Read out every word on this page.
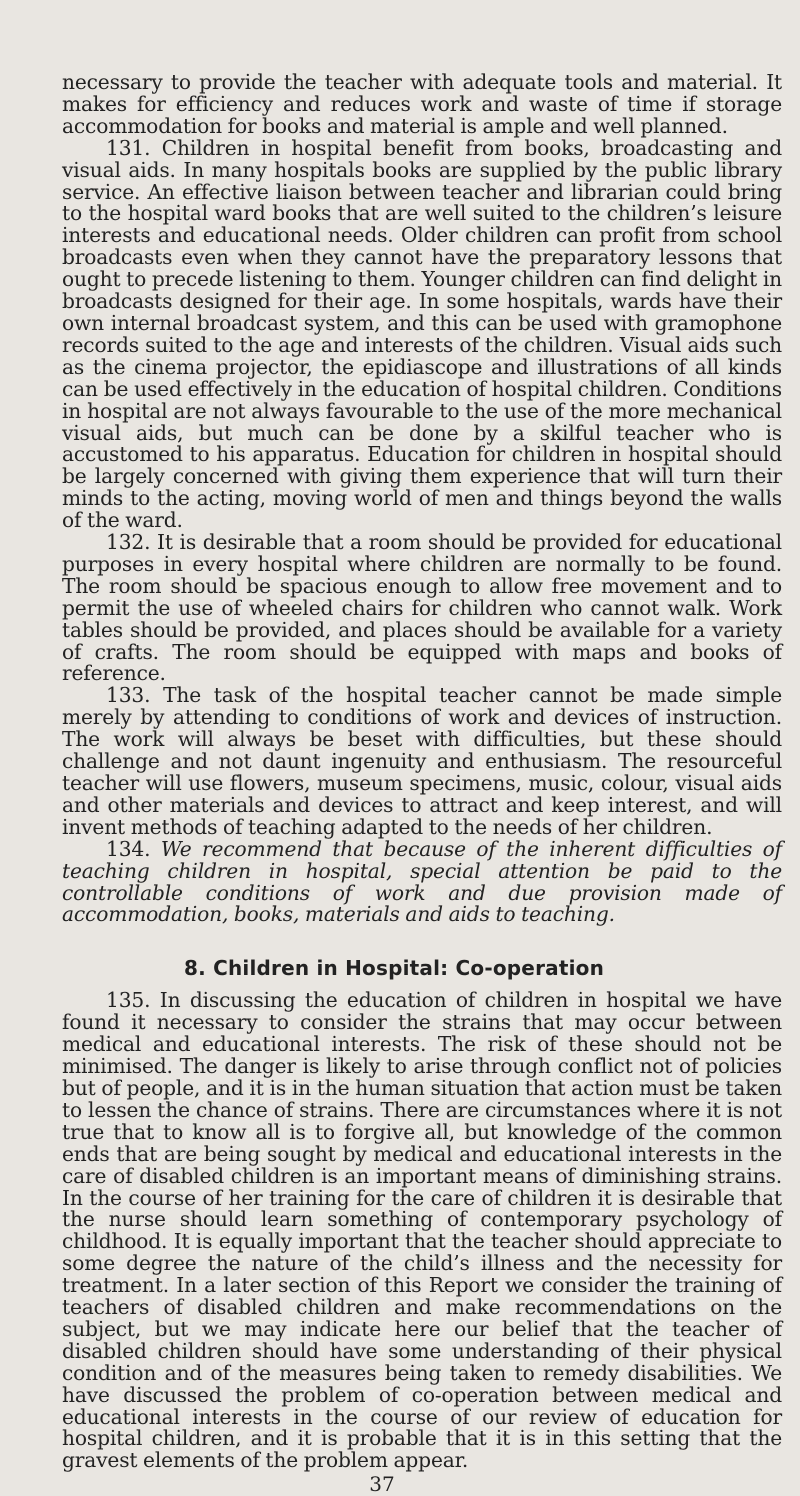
necessary to provide the teacher with adequate tools and material. It makes for efficiency and reduces work and waste of time if storage accommodation for books and material is ample and well planned.

131. Children in hospital benefit from books, broadcasting and visual aids. In many hospitals books are supplied by the public library service. An effective liaison between teacher and librarian could bring to the hospital ward books that are well suited to the children’s leisure interests and educational needs. Older children can profit from school broadcasts even when they cannot have the preparatory lessons that ought to precede listening to them. Younger children can find delight in broadcasts designed for their age. In some hospitals, wards have their own internal broadcast system, and this can be used with gramophone records suited to the age and interests of the children. Visual aids such as the cinema projector, the epidiascope and illustrations of all kinds can be used effectively in the education of hospital children. Conditions in hospital are not always favourable to the use of the more mechanical visual aids, but much can be done by a skilful teacher who is accustomed to his apparatus. Education for children in hospital should be largely concerned with giving them experience that will turn their minds to the acting, moving world of men and things beyond the walls of the ward.

132. It is desirable that a room should be provided for educational purposes in every hospital where children are normally to be found. The room should be spacious enough to allow free movement and to permit the use of wheeled chairs for children who cannot walk. Work tables should be provided, and places should be available for a variety of crafts. The room should be equipped with maps and books of reference.

133. The task of the hospital teacher cannot be made simple merely by attending to conditions of work and devices of instruction. The work will always be beset with difficulties, but these should challenge and not daunt ingenuity and enthusiasm. The resourceful teacher will use flowers, museum specimens, music, colour, visual aids and other materials and devices to attract and keep interest, and will invent methods of teaching adapted to the needs of her children.

134. We recommend that because of the inherent difficulties of teaching children in hospital, special attention be paid to the controllable conditions of work and due provision made of accommodation, books, materials and aids to teaching.

8. Children in Hospital: Co-operation

135. In discussing the education of children in hospital we have found it necessary to consider the strains that may occur between medical and educational interests. The risk of these should not be minimised. The danger is likely to arise through conflict not of policies but of people, and it is in the human situation that action must be taken to lessen the chance of strains. There are circumstances where it is not true that to know all is to forgive all, but knowledge of the common ends that are being sought by medical and educational interests in the care of disabled children is an important means of diminishing strains. In the course of her training for the care of children it is desirable that the nurse should learn something of contemporary psychology of childhood. It is equally important that the teacher should appreciate to some degree the nature of the child’s illness and the necessity for treatment. In a later section of this Report we consider the training of teachers of disabled children and make recommendations on the subject, but we may indicate here our belief that the teacher of disabled children should have some understanding of their physical condition and of the measures being taken to remedy disabilities. We have discussed the problem of co-operation between medical and educational interests in the course of our review of education for hospital children, and it is probable that it is in this setting that the gravest elements of the problem appear.

37
